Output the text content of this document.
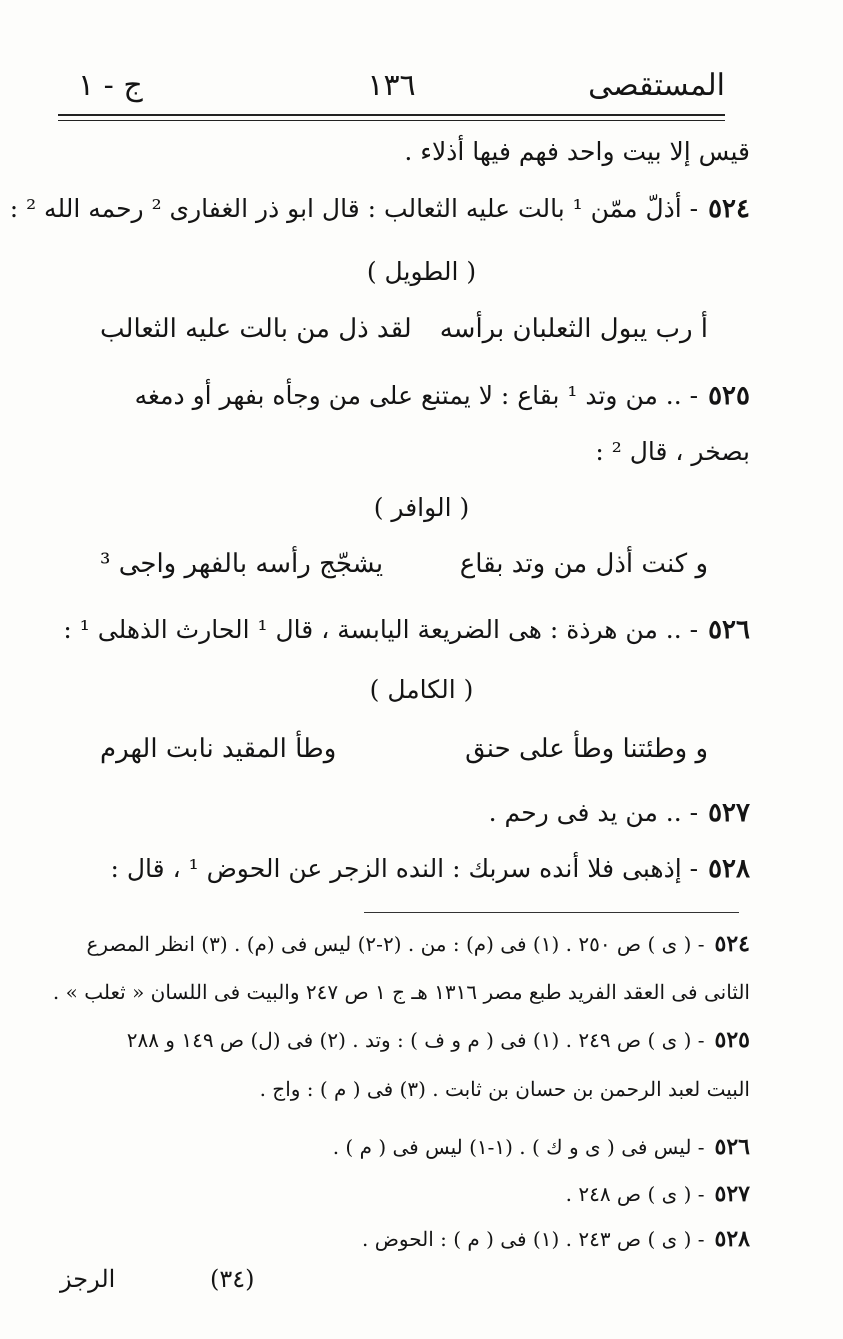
المستقصى
١٣٦
ج - ١
قيس إلا بيت واحد فهم فيها أذلاء .
٥٢٤- أذلّ ممّن ¹ بالت عليه الثعالب : قال ابو ذر الغفارى ² رحمه الله ² :
( الطويل )
أ رب يبول الثعلبان برأسه
لقد ذل من بالت عليه الثعالب
٥٢٥- .. من وتد ¹ بقاع : لا يمتنع على من وجأه بفهر أو دمغه
بصخر ، قال ² :
( الوافر )
و كنت أذل من وتد بقاع
يشجّج رأسه بالفهر واجى ³
٥٢٦- .. من هرذة : هى الضريعة اليابسة ، قال ¹ الحارث الذهلى ¹ :
( الكامل )
و وطئتنا وطأ على حنق
وطأ المقيد نابت الهرم
٥٢٧- .. من يد فى رحم .
٥٢٨- إذهبى فلا أنده سربك : النده الزجر عن الحوض ¹ ، قال :
٥٢٤- ( ى ) ص ٢٥٠ . (١) فى (م) : من . (٢-٢) ليس فى (م) . (٣) انظر المصرع
الثانى فى العقد الفريد طبع مصر ١٣١٦ هـ ج ١ ص ٢٤٧ والبيت فى اللسان « ثعلب » .
٥٢٥- ( ى ) ص ٢٤٩ . (١) فى ( م و ف ) : وتد . (٢) فى (ل) ص ١٤٩ و ٢٨٨
البيت لعبد الرحمن بن حسان بن ثابت . (٣) فى ( م ) : واج .
٥٢٦- ليس فى ( ى و ك ) . (١-١) ليس فى ( م ) .
٥٢٧- ( ى ) ص ٢٤٨ .
٥٢٨- ( ى ) ص ٢٤٣ . (١) فى ( م ) : الحوض .
(٣٤)
الرجز
